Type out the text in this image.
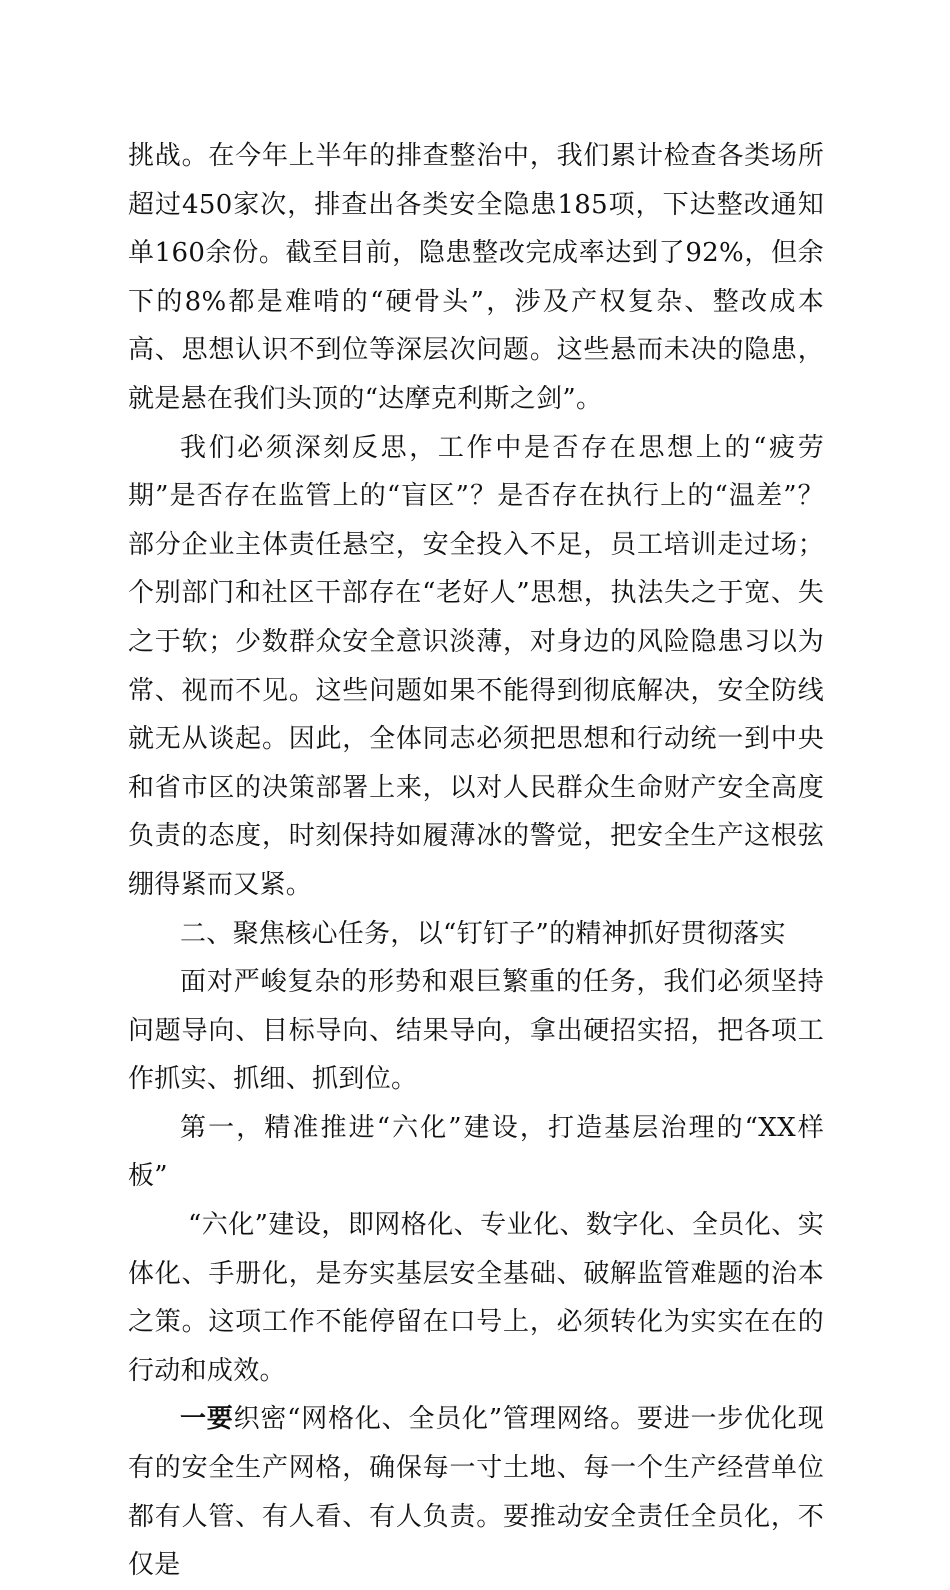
挑战。在今年上半年的排查整治中，我们累计检查各类场所超过450家次，排查出各类安全隐患185项，下达整改通知单160余份。截至目前，隐患整改完成率达到了92%，但余下的8%都是难啃的“硬骨头”，涉及产权复杂、整改成本高、思想认识不到位等深层次问题。这些悬而未决的隐患，就是悬在我们头顶的“达摩克利斯之剑”。

我们必须深刻反思，工作中是否存在思想上的“疲劳期”是否存在监管上的“盲区”？是否存在执行上的“温差”？部分企业主体责任悬空，安全投入不足，员工培训走过场；个别部门和社区干部存在“老好人”思想，执法失之于宽、失之于软；少数群众安全意识淡薄，对身边的风险隐患习以为常、视而不见。这些问题如果不能得到彻底解决，安全防线就无从谈起。因此，全体同志必须把思想和行动统一到中央和省市区的决策部署上来，以对人民群众生命财产安全高度负责的态度，时刻保持如履薄冰的警觉，把安全生产这根弦绷得紧而又紧。

二、聚焦核心任务，以“钉钉子”的精神抓好贯彻落实

面对严峻复杂的形势和艰巨繁重的任务，我们必须坚持问题导向、目标导向、结果导向，拿出硬招实招，把各项工作抓实、抓细、抓到位。

第一，精准推进“六化”建设，打造基层治理的“XX样板”

“六化”建设，即网格化、专业化、数字化、全员化、实体化、手册化，是夯实基层安全基础、破解监管难题的治本之策。这项工作不能停留在口号上，必须转化为实实在在的行动和成效。

一要织密“网格化、全员化”管理网络。要进一步优化现有的安全生产网格，确保每一寸土地、每一个生产经营单位都有人管、有人看、有人负责。要推动安全责任全员化，不仅是
